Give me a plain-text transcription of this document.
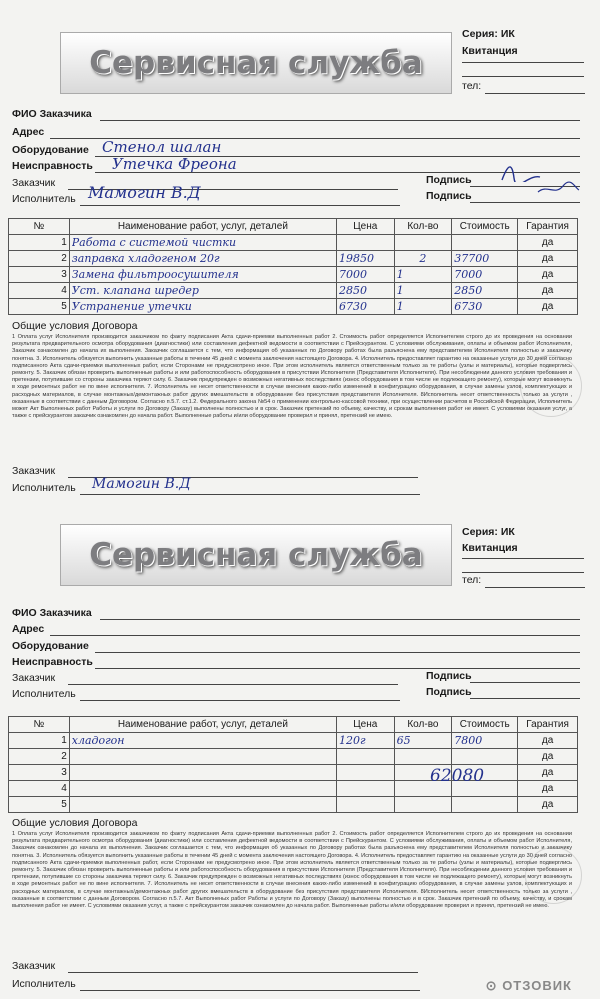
Сервисная служба
Серия: ИК
Квитанция
тел:
ФИО Заказчика
Адрес
Оборудование Стенол шалан
Неисправность Утечка Фреона
Заказчик	Подпись
Исполнитель Мамогин В.Д	Подпись
№	Наименование работ, услуг, деталей	Цена	Кол-во	Стоимость	Гарантия
1	Работа с системой чистки				да
2	заправка хладогеном 20г	19850	2	37700	да
3	Замена фильтроосушителя	7000	1	7000	да
4	Уст. клапана шредер	2850	1	2850	да
5	Устранение утечки	6730	1	6730	да
Общие условия Договора
1 Оплата услуг Исполнителя производится заказчиком по факту подписания Акта сдачи-приемки выполненных работ 2. Стоимость работ определяется Исполнителем строго до их проведения на основании результата предварительного осмотра оборудования (диагностики) или составления дефектной ведомости в соответствии с Прейскурантом. С условиями обслуживания, оплаты и объемом работ Исполнителя, Заказчик ознакомлен до начала их выполнения. Заказчик соглашается с тем, что информация об указанных по Договору работах была разъяснена ему представителем Исполнителя полностью и заказчику понятна. 3. Исполнитель обязуется выполнить указанные работы в течении 45 дней с момента заключения настоящего Договора. 4. Исполнитель предоставляет гарантию на оказанные услуги до 30 дней согласно подписанного Акта сдачи-приемки выполненных работ, если Сторонами не предусмотрено иное. При этом исполнитель является ответственным только за те работы (узлы и материалы), которые подверглись ремонту. 5. Заказчик обязан проверить выполненные работы и или работоспособность оборудования в присутствии Исполнителя (Представителя Исполнителя). При несоблюдении данного условия требования и претензии, потупившие со стороны заказчика теряют силу. 6. Заказчик предупрежден о возможных негативных последствиях (износ оборудования в том числе не подлежащего ремонту), которые могут возникнуть в ходе ремонтных работ не по вине исполнителя. 7. Исполнитель не несет ответственности в случае внесения каких-либо изменений в конфигурацию оборудования, в случае замены узлов, комплектующих и расходных материалов, в случае монтажных/демонтажных работ других вмешательств в оборудование без присутствия представителя Исполнителя. 8Исполнитель несет ответственность только за услуги , оказанные в соответствии с данным Договором. Согласно п.5.7. ст.1.2. Федерального закона №54 о применении контрольно-кассовой техники, при осуществлении расчетов в Российской Федерации, Исполнитель может Акт Выполненых работ Работы и услуги по Договору (Заказу) выполнены полностью и в срок. Заказчик претензий по объему, качеству, и срокам выполнения работ не имеет. С условиями оказания услуг, а также с прейскурантом заказчик ознакомлен до начала работ. Выполненные работы и/или оборудование проверил и принял, претензий не имею.
Заказчик
Исполнитель Мамогин В.Д
Сервисная служба
Серия: ИК
Квитанция
тел:
ФИО Заказчика
Адрес
Оборудование
Неисправность
Заказчик	Подпись
Исполнитель	Подпись
№	Наименование работ, услуг, деталей	Цена	Кол-во	Стоимость	Гарантия
1	хладогон	120г	65	7800	да
2					да
3					да
4					да
5					да
62080
Общие условия Договора
1 Оплата услуг Исполнителя производится заказчиком по факту подписания Акта сдачи-приемки выполненных работ 2. Стоимость работ определяется Исполнителем строго до их проведения на основании результата предварительного осмотра оборудования (диагностики) или составления дефектной ведомости в соответствии с Прейскурантом. С условиями обслуживания, оплаты и объемом работ Исполнителя, Заказчик ознакомлен до начала их выполнения. Заказчик соглашается с тем, что информация об указанных по Договору работах была разъяснена ему представителем Исполнителя полностью и заказчику понятна. 3. Исполнитель обязуется выполнить указанные работы в течении 45 дней с момента заключения настоящего Договора. 4. Исполнитель предоставляет гарантию на оказанные услуги до 30 дней согласно подписанного Акта сдачи-приемки выполненных работ, если Сторонами не предусмотрено иное. При этом исполнитель является ответственным только за те работы (узлы и материалы), которые подверглись ремонту. 5. Заказчик обязан проверить выполненные работы и или работоспособность оборудования в присутствии Исполнителя (Представителя Исполнителя). При несоблюдении данного условия требования и претензии, потупившие со стороны заказчика теряют силу. 6. Заказчик предупрежден о возможных негативных последствиях (износ оборудования в том числе не подлежащего ремонту), которые могут возникнуть в ходе ремонтных работ не по вине исполнителя. 7. Исполнитель не несет ответственности в случае внесения каких-либо изменений в конфигурацию оборудования, в случае замены узлов, комплектующих и расходных материалов, в случае монтажных/демонтажных работ других вмешательств в оборудование без присутствия представителя Исполнителя. 8Исполнитель несет ответственность только за услуги , оказанные в соответствии с данным Договором. Согласно п.5.7. Акт Выполненых работ Работы и услуги по Договору (Заказу) выполнены полностью и в срок. Заказчик претензий по объему, качеству, и срокам выполнения работ не имеет. С условиями оказания услуг, а также с прейскурантом заказчик ознакомлен до начала работ. Выполненные работы и/или оборудование проверил и принял, претензий не имею.
Заказчик
Исполнитель	⊙ ОТЗОВИК
